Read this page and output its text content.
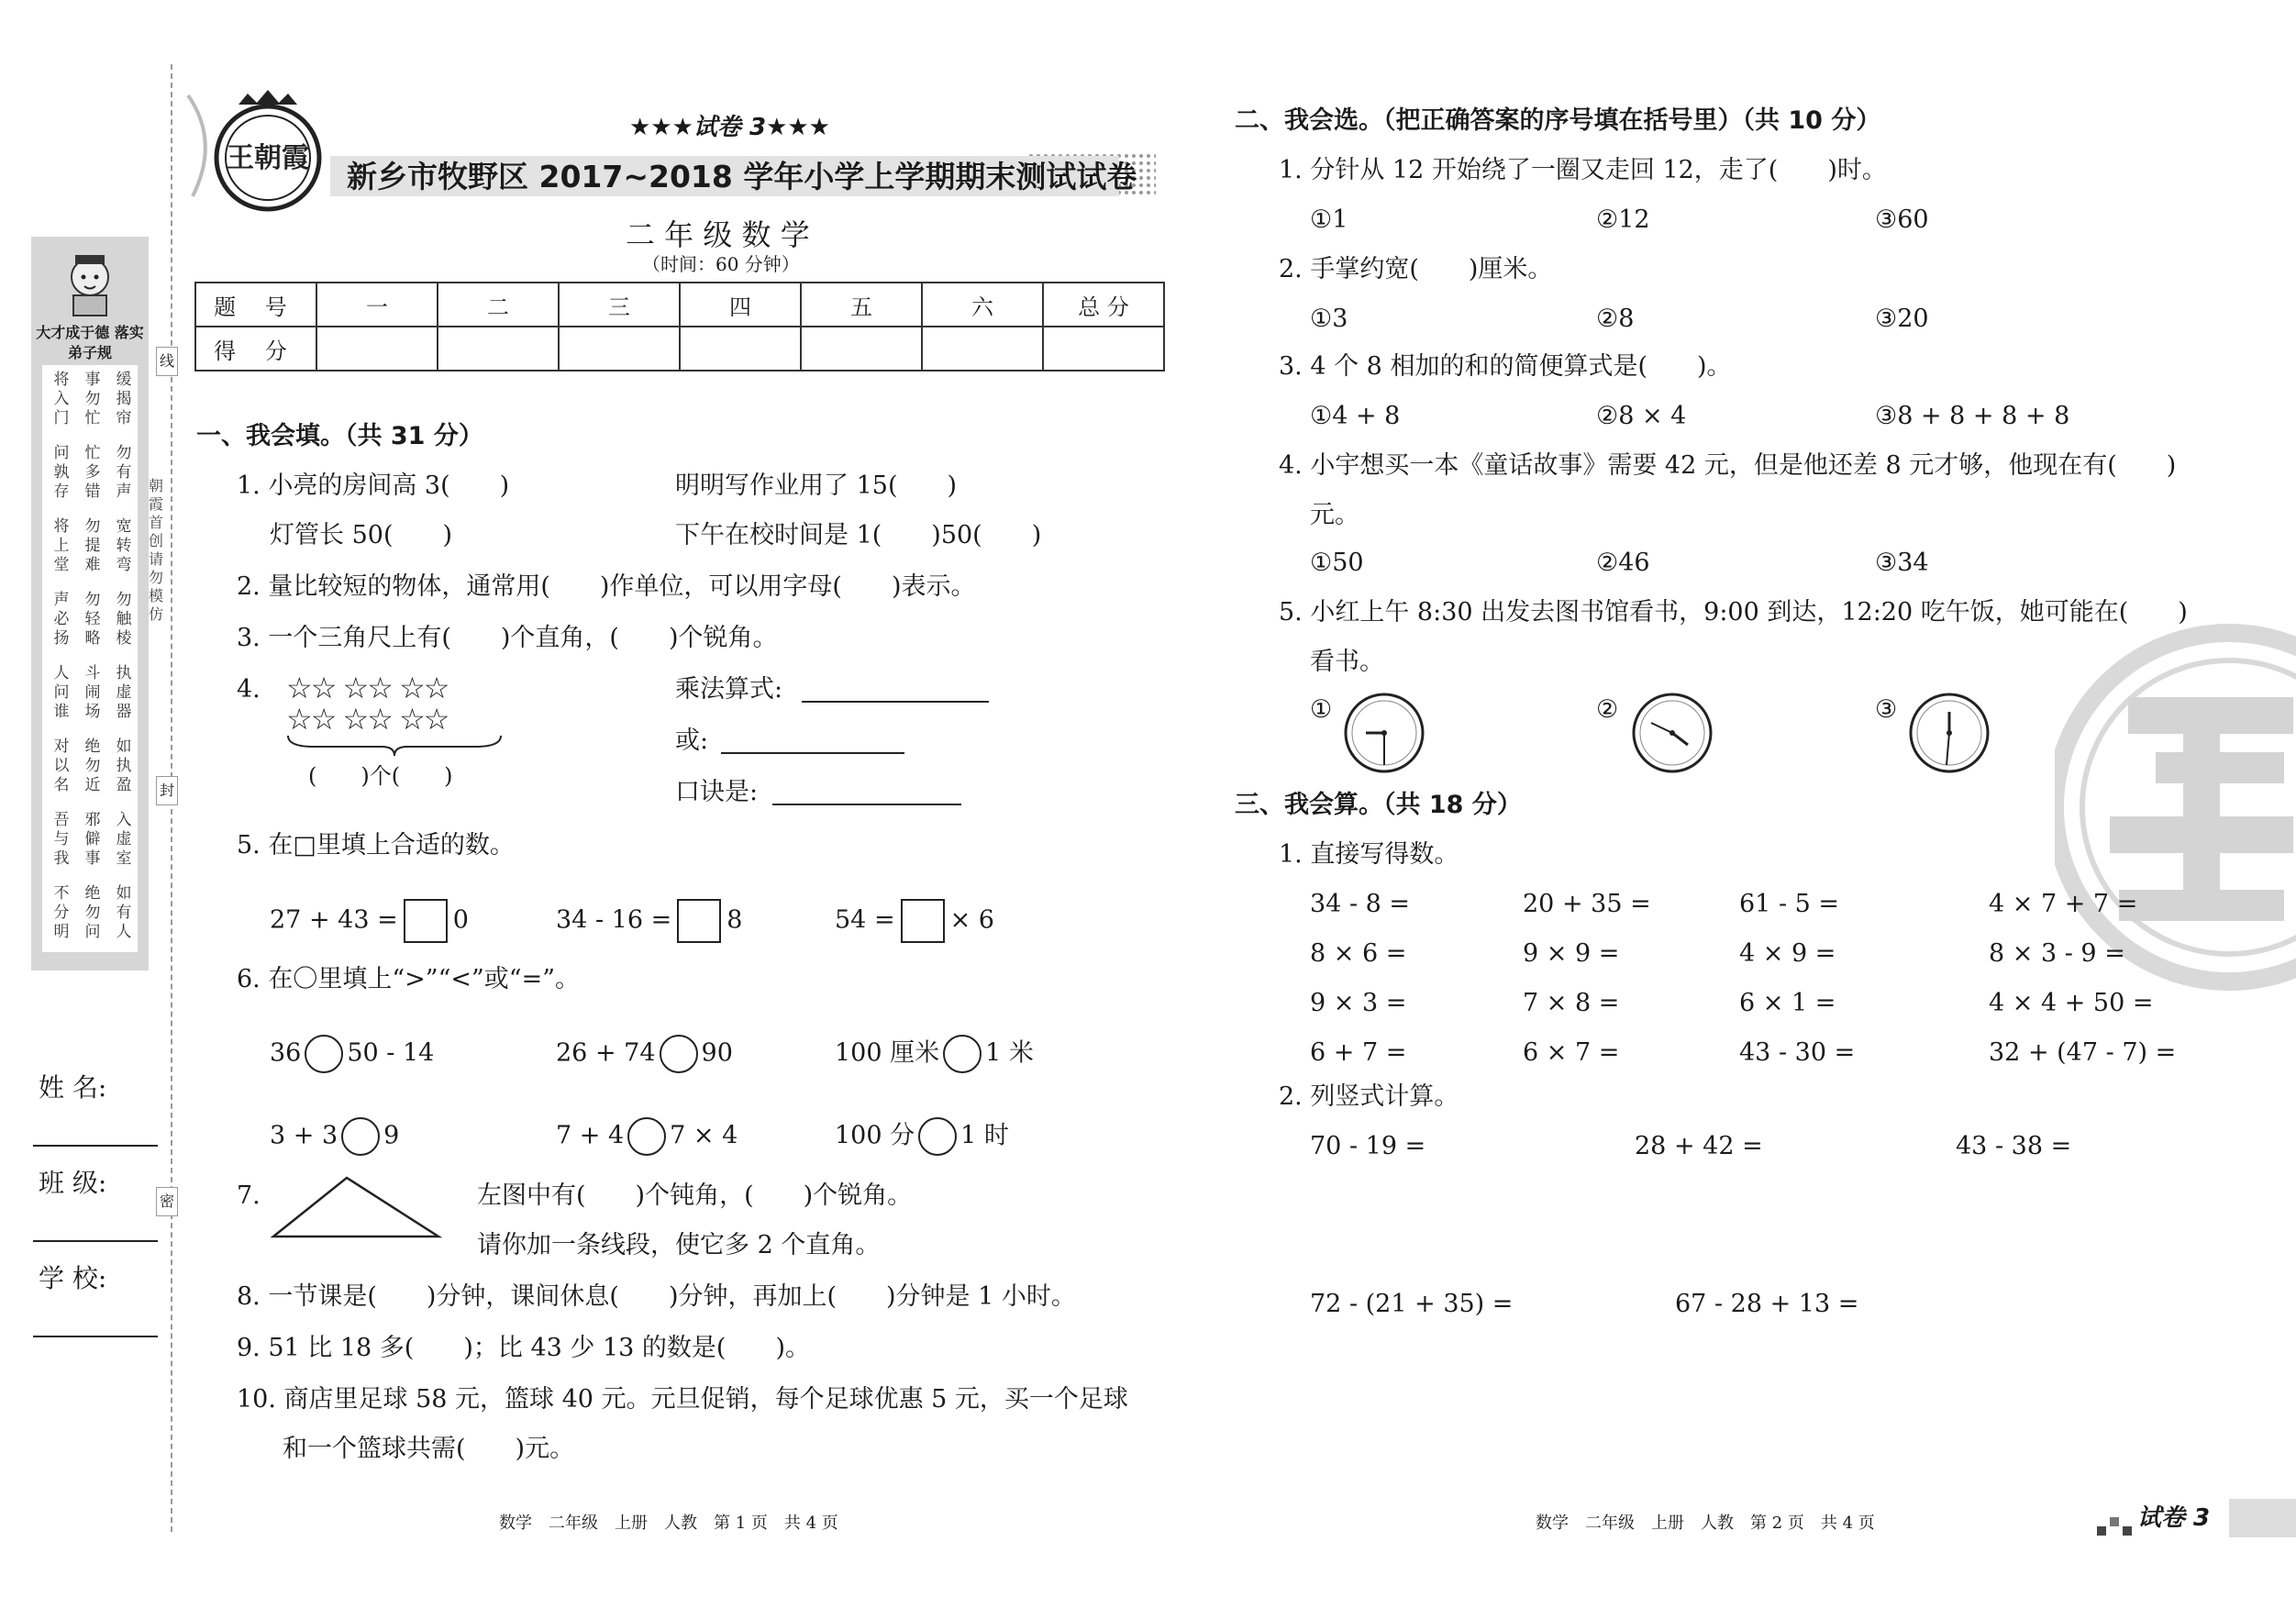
大才成于德 落实弟子规
将入门
事勿忙
缓揭帘
问孰存
忙多错
勿有声
将上堂
勿提难
宽转弯
声必扬
勿轻略
勿触棱
人问谁
斗闹场
执虚器
对以名
绝勿近
如执盈
吾与我
邪僻事
入虚室
不分明
绝勿问
如有人
线
封
密
朝霞首创 请勿模仿
姓 名:
班 级:
学 校:
王朝霞
★★★试卷 3★★★
新乡市牧野区 2017~2018 学年小学上学期期末测试试卷
二 年 级 数 学
（时间：60 分钟）
题 号	一	二	三	四	五	六	总 分
得 分							
一、我会填。（共 31 分）
1. 小亮的房间高 3(　　)	明明写作业用了 15(　　)
灯管长 50(　　)	下午在校时间是 1(　　)50(　　)
2. 量比较短的物体，通常用(　　)作单位，可以用字母(　　)表示。
3. 一个三角尺上有(　　)个直角，(　　)个锐角。
4. ☆☆ ☆☆ ☆☆
☆☆ ☆☆ ☆☆
(　　)个(　　)
乘法算式:
或:
口诀是:
5. 在□里填上合适的数。
27 + 43 = 0	34 - 16 = 8	54 = × 6
6. 在〇里填上“>”“<”或“=”。
36 50 - 14	26 + 74 90	100 厘米 1 米
3 + 3 9	7 + 4 7 × 4	100 分 1 时
7.	左图中有(　　)个钝角，(　　)个锐角。
请你加一条线段，使它多 2 个直角。
8. 一节课是(　　)分钟，课间休息(　　)分钟，再加上(　　)分钟是 1 小时。
9. 51 比 18 多(　　)；比 43 少 13 的数是(　　)。
10. 商店里足球 58 元，篮球 40 元。元旦促销，每个足球优惠 5 元，买一个足球
和一个篮球共需(　　)元。
数学　二年级　上册　人教　第 1 页　共 4 页
二、我会选。（把正确答案的序号填在括号里）（共 10 分）
1. 分针从 12 开始绕了一圈又走回 12，走了(　　)时。
①1	②12	③60
2. 手掌约宽(　　)厘米。
①3	②8	③20
3. 4 个 8 相加的和的简便算式是(　　)。
①4 + 8	②8 × 4	③8 + 8 + 8 + 8
4. 小宇想买一本《童话故事》需要 42 元，但是他还差 8 元才够，他现在有(　　)
元。
①50	②46	③34
5. 小红上午 8:30 出发去图书馆看书，9:00 到达，12:20 吃午饭，她可能在(　　)
看书。
①	②	③
三、我会算。（共 18 分）
1. 直接写得数。
34 - 8 =	20 + 35 =	61 - 5 =	4 × 7 + 7 =
8 × 6 =	9 × 9 =	4 × 9 =	8 × 3 - 9 =
9 × 3 =	7 × 8 =	6 × 1 =	4 × 4 + 50 =
6 + 7 =	6 × 7 =	43 - 30 =	32 + (47 - 7) =
2. 列竖式计算。
70 - 19 =	28 + 42 =	43 - 38 =
72 - (21 + 35) =	67 - 28 + 13 =
数学　二年级　上册　人教　第 2 页　共 4 页	试卷 3
